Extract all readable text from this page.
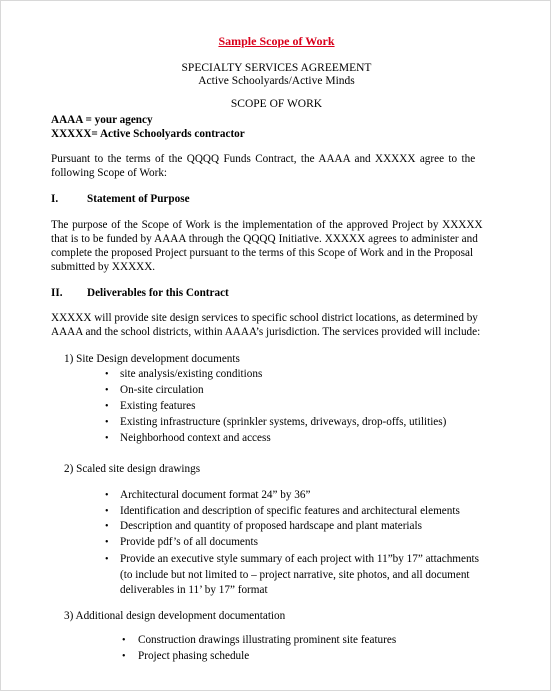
Sample Scope of Work
SPECIALTY SERVICES AGREEMENT
Active Schoolyards/Active Minds
SCOPE OF WORK
AAAA = your agency
XXXXX= Active Schoolyards contractor
Pursuant to the terms of the QQQQ Funds Contract, the AAAA and XXXXX agree to the
following Scope of Work:
I.	Statement of Purpose
The purpose of the Scope of Work is the implementation of the approved Project by XXXXX
that is to be funded by AAAA through the QQQQ Initiative. XXXXX agrees to administer and
complete the proposed Project pursuant to the terms of this Scope of Work and in the Proposal
submitted by XXXXX.
II. Deliverables for this Contract
XXXXX will provide site design services to specific school district locations, as determined by
AAAA and the school districts, within AAAA’s jurisdiction. The services provided will include:
1) Site Design development documents
• site analysis/existing conditions
• On-site circulation
• Existing features
• Existing infrastructure (sprinkler systems, driveways, drop-offs, utilities)
• Neighborhood context and access
2) Scaled site design drawings
• Architectural document format 24” by 36”
• Identification and description of specific features and architectural elements
• Description and quantity of proposed hardscape and plant materials
• Provide pdf’s of all documents
• Provide an executive style summary of each project with 11”by 17” attachments
(to include but not limited to – project narrative, site photos, and all document
deliverables in 11’ by 17” format
3) Additional design development documentation
• Construction drawings illustrating prominent site features
• Project phasing schedule
